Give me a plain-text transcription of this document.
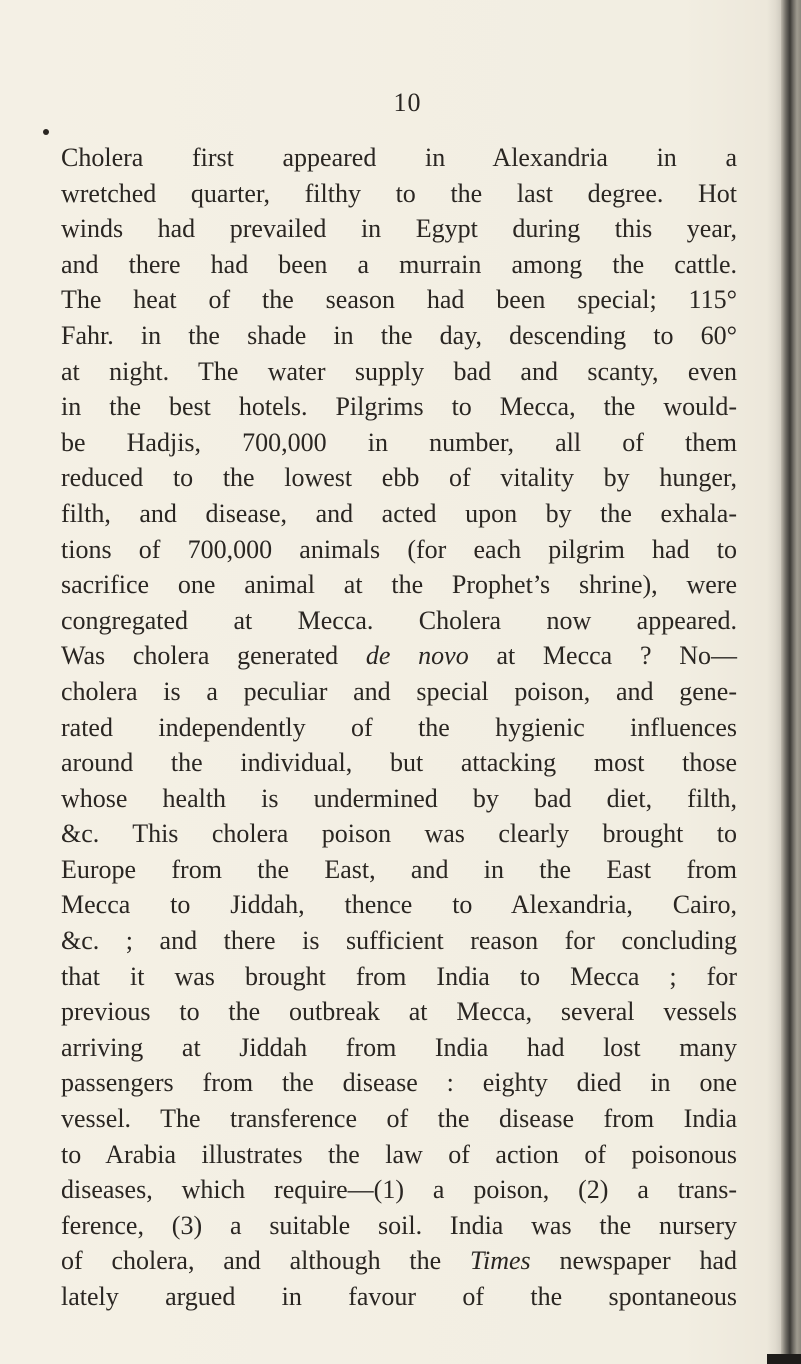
10
Cholera first appeared in Alexandria in a
wretched quarter, filthy to the last degree. Hot
winds had prevailed in Egypt during this year,
and there had been a murrain among the cattle.
The heat of the season had been special; 115°
Fahr. in the shade in the day, descending to 60°
at night. The water supply bad and scanty, even
in the best hotels. Pilgrims to Mecca, the would-
be Hadjis, 700,000 in number, all of them
reduced to the lowest ebb of vitality by hunger,
filth, and disease, and acted upon by the exhala-
tions of 700,000 animals (for each pilgrim had to
sacrifice one animal at the Prophet’s shrine), were
congregated at Mecca. Cholera now appeared.
Was cholera generated de novo at Mecca ? No—
cholera is a peculiar and special poison, and gene-
rated independently of the hygienic influences
around the individual, but attacking most those
whose health is undermined by bad diet, filth,
&c. This cholera poison was clearly brought to
Europe from the East, and in the East from
Mecca to Jiddah, thence to Alexandria, Cairo,
&c. ; and there is sufficient reason for concluding
that it was brought from India to Mecca ; for
previous to the outbreak at Mecca, several vessels
arriving at Jiddah from India had lost many
passengers from the disease : eighty died in one
vessel. The transference of the disease from India
to Arabia illustrates the law of action of poisonous
diseases, which require—(1) a poison, (2) a trans-
ference, (3) a suitable soil. India was the nursery
of cholera, and although the Times newspaper had
lately argued in favour of the spontaneous
